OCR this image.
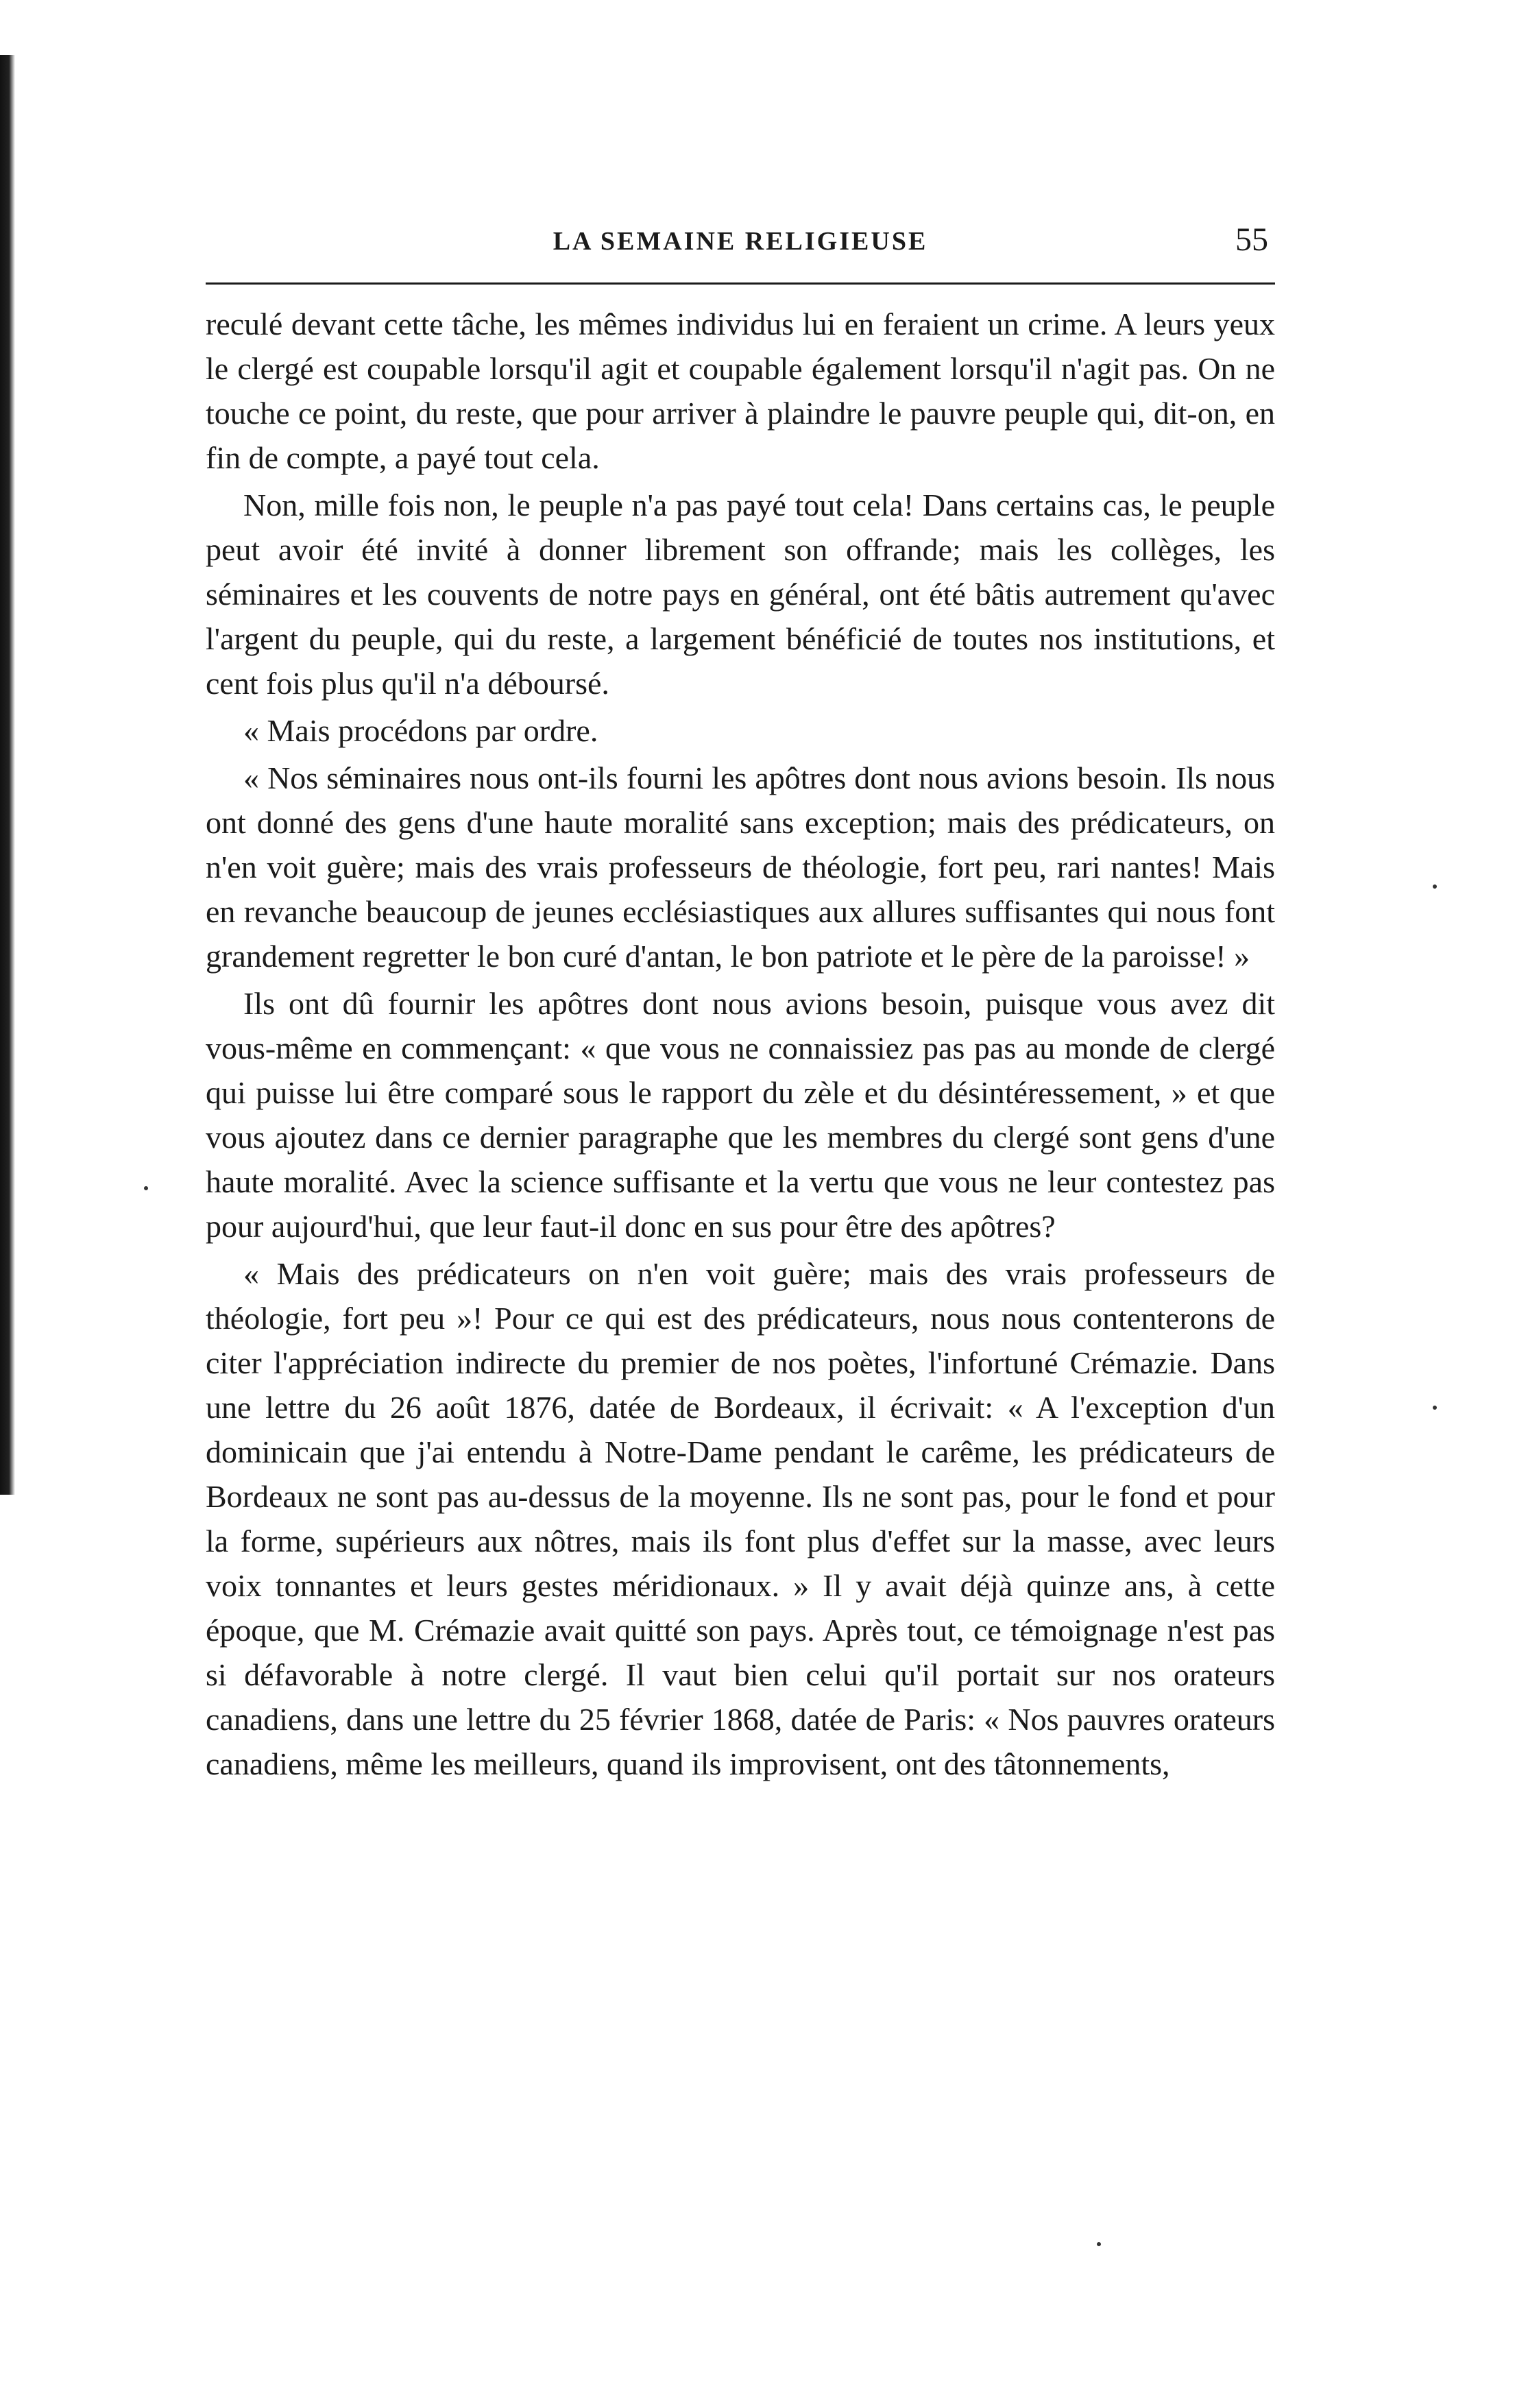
LA SEMAINE RELIGIEUSE	55

reculé devant cette tâche, les mêmes individus lui en feraient un crime. A leurs yeux le clergé est coupable lorsqu'il agit et coupable également lorsqu'il n'agit pas. On ne touche ce point, du reste, que pour arriver à plaindre le pauvre peuple qui, dit-on, en fin de compte, a payé tout cela.

Non, mille fois non, le peuple n'a pas payé tout cela! Dans certains cas, le peuple peut avoir été invité à donner librement son offrande; mais les collèges, les séminaires et les couvents de notre pays en général, ont été bâtis autrement qu'avec l'argent du peuple, qui du reste, a largement bénéficié de toutes nos institutions, et cent fois plus qu'il n'a déboursé.

« Mais procédons par ordre.

« Nos séminaires nous ont-ils fourni les apôtres dont nous avions besoin. Ils nous ont donné des gens d'une haute moralité sans exception; mais des prédicateurs, on n'en voit guère; mais des vrais professeurs de théologie, fort peu, rari nantes! Mais en revanche beaucoup de jeunes ecclésiastiques aux allures suffisantes qui nous font grandement regretter le bon curé d'antan, le bon patriote et le père de la paroisse! »

Ils ont dû fournir les apôtres dont nous avions besoin, puisque vous avez dit vous-même en commençant: « que vous ne connaissiez pas pas au monde de clergé qui puisse lui être comparé sous le rapport du zèle et du désintéressement, » et que vous ajoutez dans ce dernier paragraphe que les membres du clergé sont gens d'une haute moralité. Avec la science suffisante et la vertu que vous ne leur contestez pas pour aujourd'hui, que leur faut-il donc en sus pour être des apôtres?

« Mais des prédicateurs on n'en voit guère; mais des vrais professeurs de théologie, fort peu »! Pour ce qui est des prédicateurs, nous nous contenterons de citer l'appréciation indirecte du premier de nos poètes, l'infortuné Crémazie. Dans une lettre du 26 août 1876, datée de Bordeaux, il écrivait: « A l'exception d'un dominicain que j'ai entendu à Notre-Dame pendant le carême, les prédicateurs de Bordeaux ne sont pas au-dessus de la moyenne. Ils ne sont pas, pour le fond et pour la forme, supérieurs aux nôtres, mais ils font plus d'effet sur la masse, avec leurs voix tonnantes et leurs gestes méridionaux. » Il y avait déjà quinze ans, à cette époque, que M. Crémazie avait quitté son pays. Après tout, ce témoignage n'est pas si défavorable à notre clergé. Il vaut bien celui qu'il portait sur nos orateurs canadiens, dans une lettre du 25 février 1868, datée de Paris: « Nos pauvres orateurs canadiens, même les meilleurs, quand ils improvisent, ont des tâtonnements,
